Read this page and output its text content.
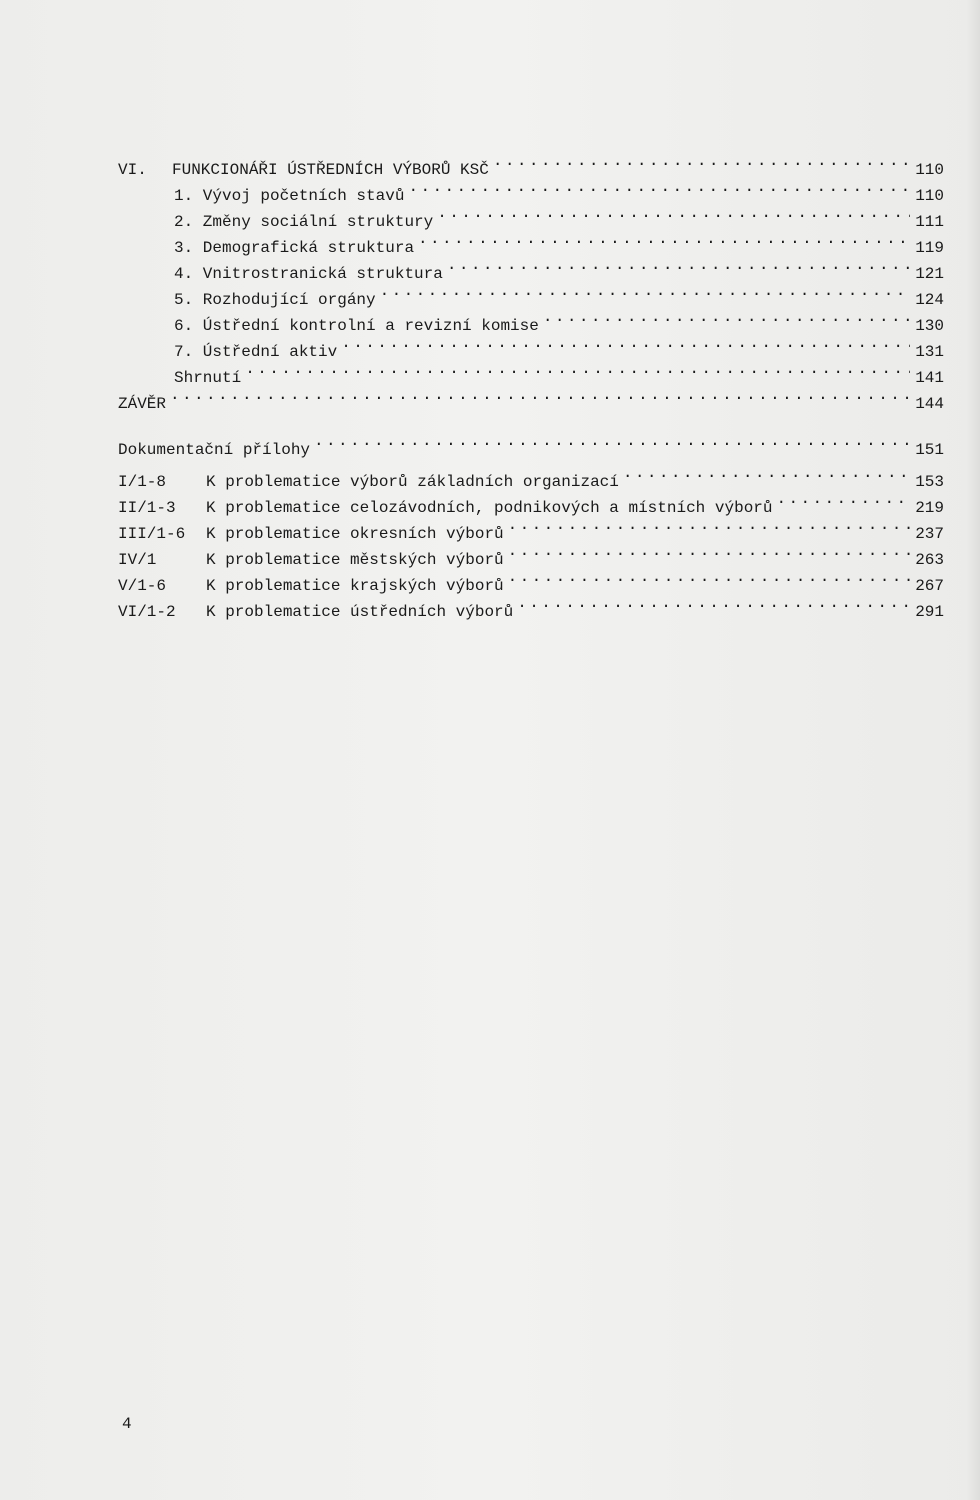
VI.	FUNKCIONÁŘI ÚSTŘEDNÍCH VÝBORŮ KSČ . . .	110
1. Vývoj početních stavů . . .	110
2. Změny sociální struktury . . .	111
3. Demografická struktura . . .	119
4. Vnitrostranická struktura . . .	121
5. Rozhodující orgány . . .	124
6. Ústřední kontrolní a revizní komise . . .	130
7. Ústřední aktiv . . .	131
Shrnutí . . .	141
ZÁVĚR . . .	144
Dokumentační přílohy . . .	151
I/1-8	K problematice výborů základních organizací . . .	153
II/1-3	K problematice celozávodních, podnikových a místních výborů . . .	219
III/1-6	K problematice okresních výborů . . .	237
IV/1	K problematice městských výborů . . .	263
V/1-6	K problematice krajských výborů . . .	267
VI/1-2	K problematice ústředních výborů . . .	291
4
